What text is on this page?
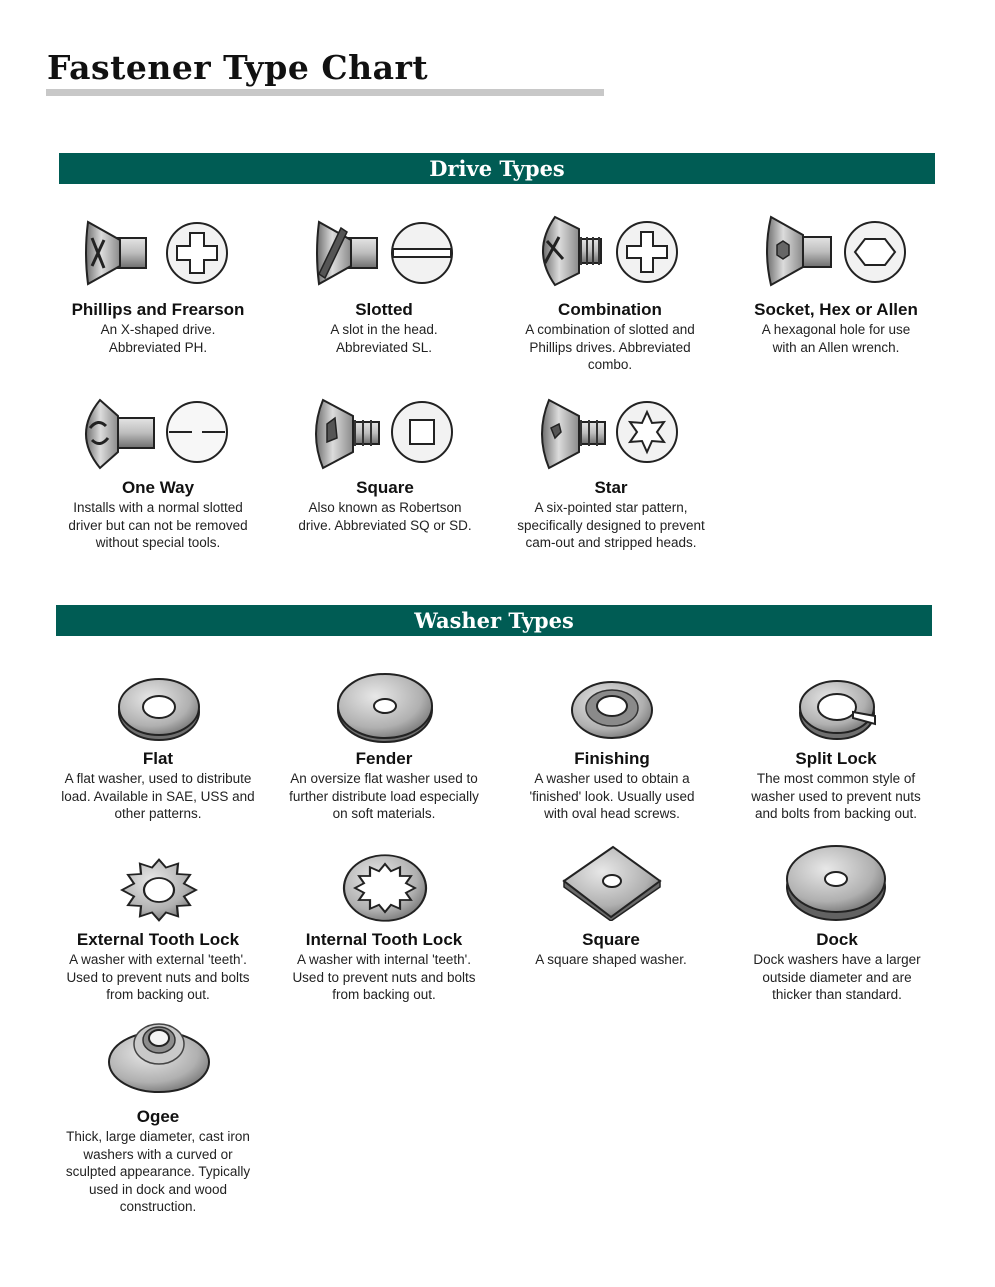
Fastener Type Chart
Drive Types
Washer Types
Phillips and Frearson
An X-shaped drive. Abbreviated PH.
Slotted
A slot in the head. Abbreviated SL.
Combination
A combination of slotted and Phillips drives. Abbreviated combo.
Socket, Hex or Allen
A hexagonal hole for use with an Allen wrench.
One Way
Installs with a normal slotted driver but can not be removed without special tools.
Square
Also known as Robertson drive. Abbreviated SQ or SD.
Star
A six-pointed star pattern, specifically designed to prevent cam-out and stripped heads.
Flat
A flat washer, used to distribute load. Available in SAE, USS and other patterns.
Fender
An oversize flat washer used to further distribute load especially on soft materials.
Finishing
A washer used to obtain a 'finished' look. Usually used with oval head screws.
Split Lock
The most common style of washer used to prevent nuts and bolts from backing out.
External Tooth Lock
A washer with external 'teeth'. Used to prevent nuts and bolts from backing out.
Internal Tooth Lock
A washer with internal 'teeth'. Used to prevent nuts and bolts from backing out.
Square
A square shaped washer.
Dock
Dock washers have a larger outside diameter and are thicker than standard.
Ogee
Thick, large diameter, cast iron washers with a curved or sculpted appearance. Typically used in dock and wood construction.
